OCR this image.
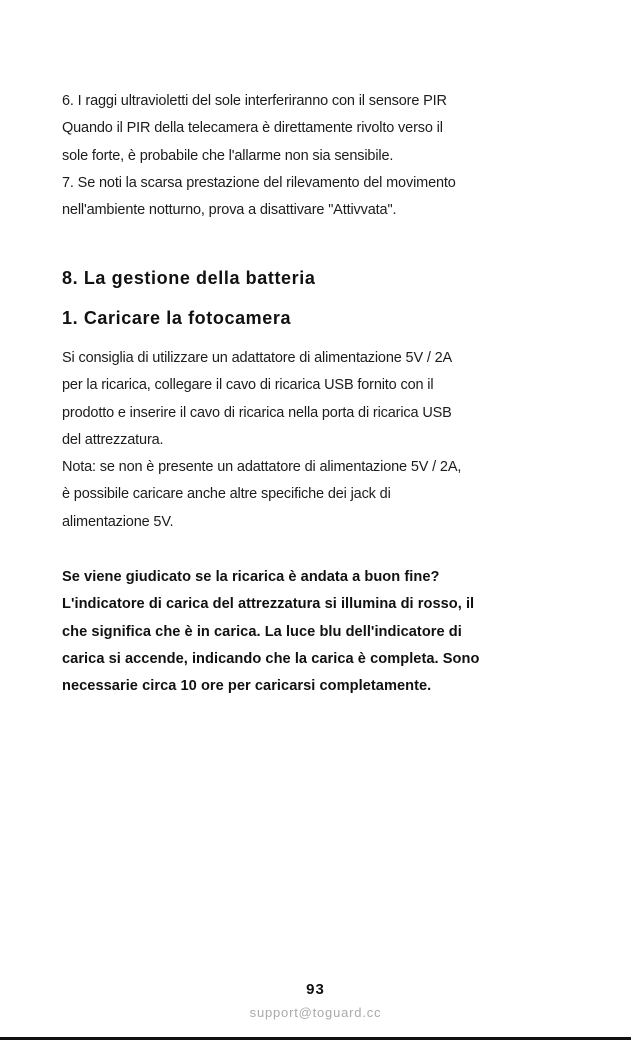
6. I raggi ultravioletti del sole interferiranno con il sensore PIR
Quando il PIR della telecamera è direttamente rivolto verso il
sole forte, è probabile che l'allarme non sia sensibile.
7. Se noti la scarsa prestazione del rilevamento del movimento
nell'ambiente notturno, prova a disattivare "Attivvata".
8. La gestione della batteria
1. Caricare la fotocamera
Si consiglia di utilizzare un adattatore di alimentazione 5V / 2A
per la ricarica, collegare il cavo di ricarica USB fornito con il
prodotto e inserire il cavo di ricarica nella porta di ricarica USB
del attrezzatura.
Nota: se non è presente un adattatore di alimentazione 5V / 2A,
è possibile caricare anche altre specifiche dei jack di
alimentazione 5V.
Se viene giudicato se la ricarica è andata a buon fine?
L'indicatore di carica del attrezzatura si illumina di rosso, il
che significa che è in carica. La luce blu dell'indicatore di
carica si accende, indicando che la carica è completa. Sono
necessarie circa 10 ore per caricarsi completamente.
93
support@toguard.cc
